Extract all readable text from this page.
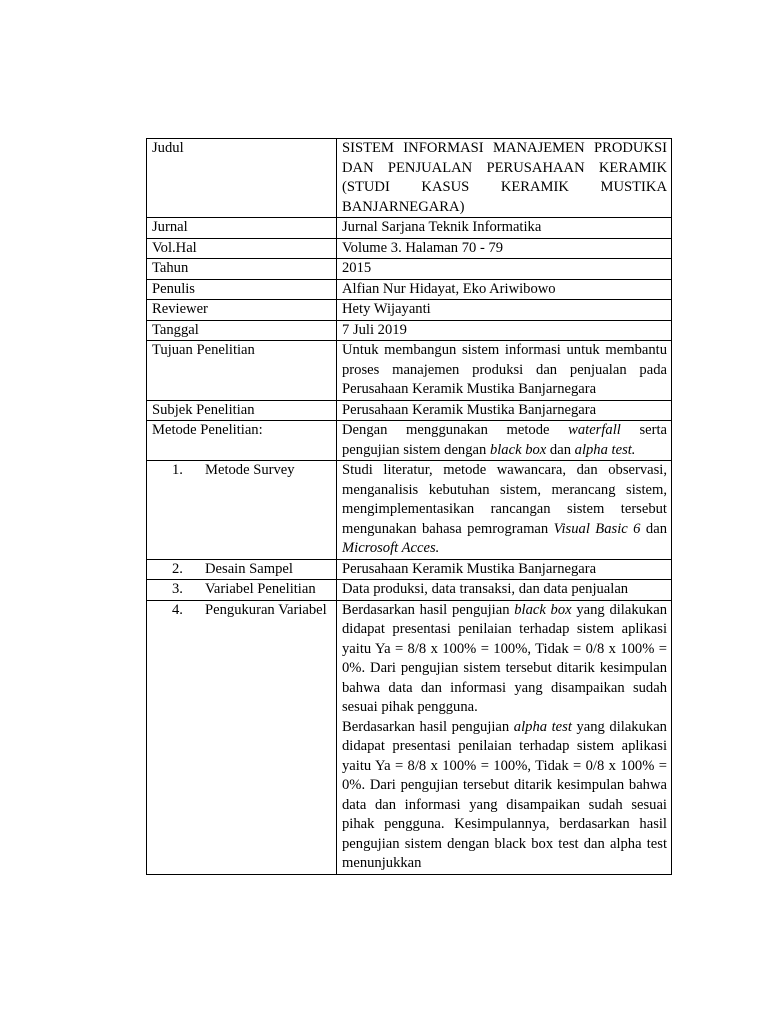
Judul	SISTEM INFORMASI MANAJEMEN PRODUKSI DAN PENJUALAN PERUSAHAAN KERAMIK (STUDI KASUS KERAMIK MUSTIKA BANJARNEGARA)
Jurnal	Jurnal Sarjana Teknik Informatika
Vol.Hal	Volume 3. Halaman 70 - 79
Tahun	2015
Penulis	Alfian Nur Hidayat, Eko Ariwibowo
Reviewer	Hety Wijayanti
Tanggal	7 Juli 2019
Tujuan Penelitian	Untuk membangun sistem informasi untuk membantu proses manajemen produksi dan penjualan pada Perusahaan Keramik Mustika Banjarnegara
Subjek Penelitian	Perusahaan Keramik Mustika Banjarnegara
Metode Penelitian:	Dengan menggunakan metode waterfall serta pengujian sistem dengan black box dan alpha test.

1. Metode Survey	Studi literatur, metode wawancara, dan observasi, menganalisis kebutuhan sistem, merancang sistem, mengimplementasikan rancangan sistem tersebut mengunakan bahasa pemrograman Visual Basic 6 dan Microsoft Acces.

2. Desain Sampel	Perusahaan Keramik Mustika Banjarnegara

3. Variabel Penelitian	Data produksi, data transaksi, dan data penjualan

4. Pengukuran Variabel	Berdasarkan hasil pengujian black box yang dilakukan didapat presentasi penilaian terhadap sistem aplikasi yaitu Ya = 8/8 x 100% = 100%, Tidak = 0/8 x 100% = 0%. Dari pengujian sistem tersebut ditarik kesimpulan bahwa data dan informasi yang disampaikan sudah sesuai pihak pengguna.
Berdasarkan hasil pengujian alpha test yang dilakukan didapat presentasi penilaian terhadap sistem aplikasi yaitu Ya = 8/8 x 100% = 100%, Tidak = 0/8 x 100% = 0%. Dari pengujian tersebut ditarik kesimpulan bahwa data dan informasi yang disampaikan sudah sesuai pihak pengguna. Kesimpulannya, berdasarkan hasil pengujian sistem dengan black box test dan alpha test menunjukkan
